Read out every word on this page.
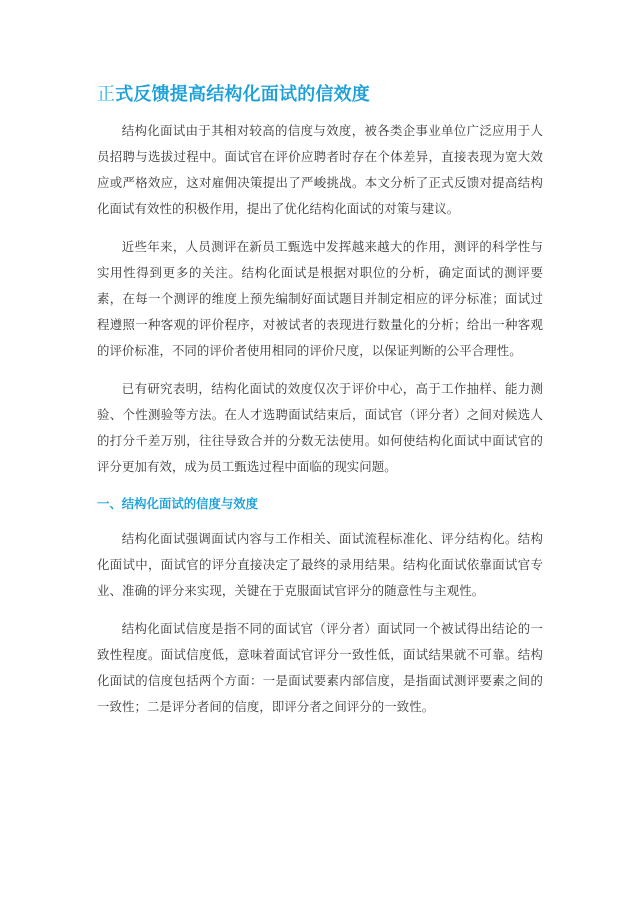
正式反馈提高结构化面试的信效度

结构化面试由于其相对较高的信度与效度，被各类企事业单位广泛应用于人员招聘与选拔过程中。面试官在评价应聘者时存在个体差异，直接表现为宽大效应或严格效应，这对雇佣决策提出了严峻挑战。本文分析了正式反馈对提高结构化面试有效性的积极作用，提出了优化结构化面试的对策与建议。

近些年来，人员测评在新员工甄选中发挥越来越大的作用，测评的科学性与实用性得到更多的关注。结构化面试是根据对职位的分析，确定面试的测评要素，在每一个测评的维度上预先编制好面试题目并制定相应的评分标准；面试过程遵照一种客观的评价程序，对被试者的表现进行数量化的分析；给出一种客观的评价标准，不同的评价者使用相同的评价尺度，以保证判断的公平合理性。

已有研究表明，结构化面试的效度仅次于评价中心，高于工作抽样、能力测验、个性测验等方法。在人才选聘面试结束后，面试官（评分者）之间对候选人的打分千差万别，往往导致合并的分数无法使用。如何使结构化面试中面试官的评分更加有效，成为员工甄选过程中面临的现实问题。

一、结构化面试的信度与效度

结构化面试强调面试内容与工作相关、面试流程标准化、评分结构化。结构化面试中，面试官的评分直接决定了最终的录用结果。结构化面试依靠面试官专业、准确的评分来实现，关键在于克服面试官评分的随意性与主观性。

结构化面试信度是指不同的面试官（评分者）面试同一个被试得出结论的一致性程度。面试信度低，意味着面试官评分一致性低，面试结果就不可靠。结构化面试的信度包括两个方面：一是面试要素内部信度，是指面试测评要素之间的一致性；二是评分者间的信度，即评分者之间评分的一致性。
